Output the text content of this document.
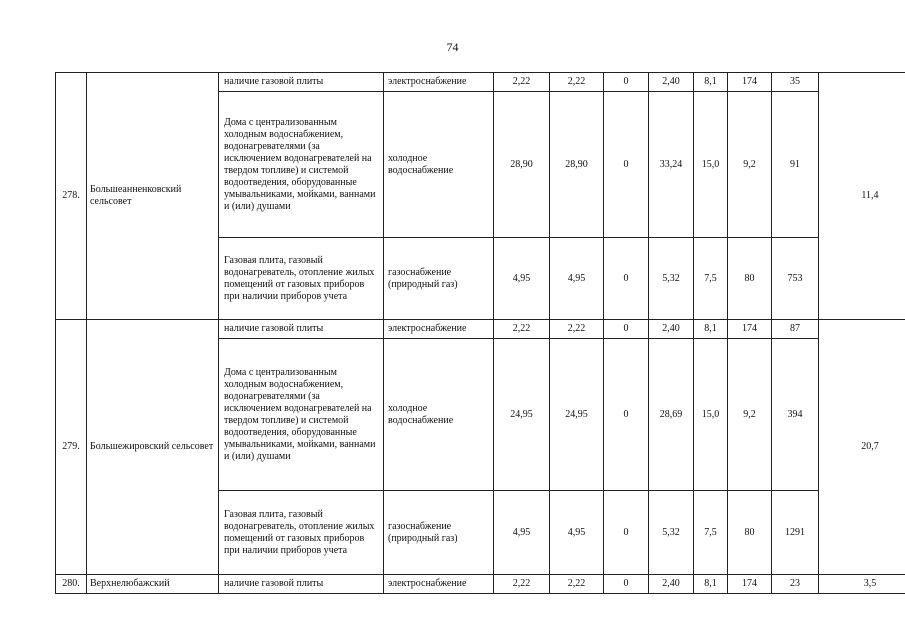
74
278.	Большеанненковский сельсовет	наличие газовой плиты	электроснабжение	2,22	2,22	0	2,40	8,1	174	35	11,4
		Дома с централизованным холодным водоснабжением, водонагревателями (за исключением водонагревателей на твердом топливе) и системой водоотведения, оборудованные умывальниками, мойками, ваннами и (или) душами	холодное водоснабжение	28,90	28,90	0	33,24	15,0	9,2	91	
		Газовая плита, газовый водонагреватель, отопление жилых помещений от газовых приборов при наличии приборов учета	газоснабжение (природный газ)	4,95	4,95	0	5,32	7,5	80	753	
279.	Большежировский сельсовет	наличие газовой плиты	электроснабжение	2,22	2,22	0	2,40	8,1	174	87	20,7
		Дома с централизованным холодным водоснабжением, водонагревателями (за исключением водонагревателей на твердом топливе) и системой водоотведения, оборудованные умывальниками, мойками, ваннами и (или) душами	холодное водоснабжение	24,95	24,95	0	28,69	15,0	9,2	394	
		Газовая плита, газовый водонагреватель, отопление жилых помещений от газовых приборов при наличии приборов учета	газоснабжение (природный газ)	4,95	4,95	0	5,32	7,5	80	1291	
280.	Верхнелюбажский	наличие газовой плиты	электроснабжение	2,22	2,22	0	2,40	8,1	174	23	3,5
